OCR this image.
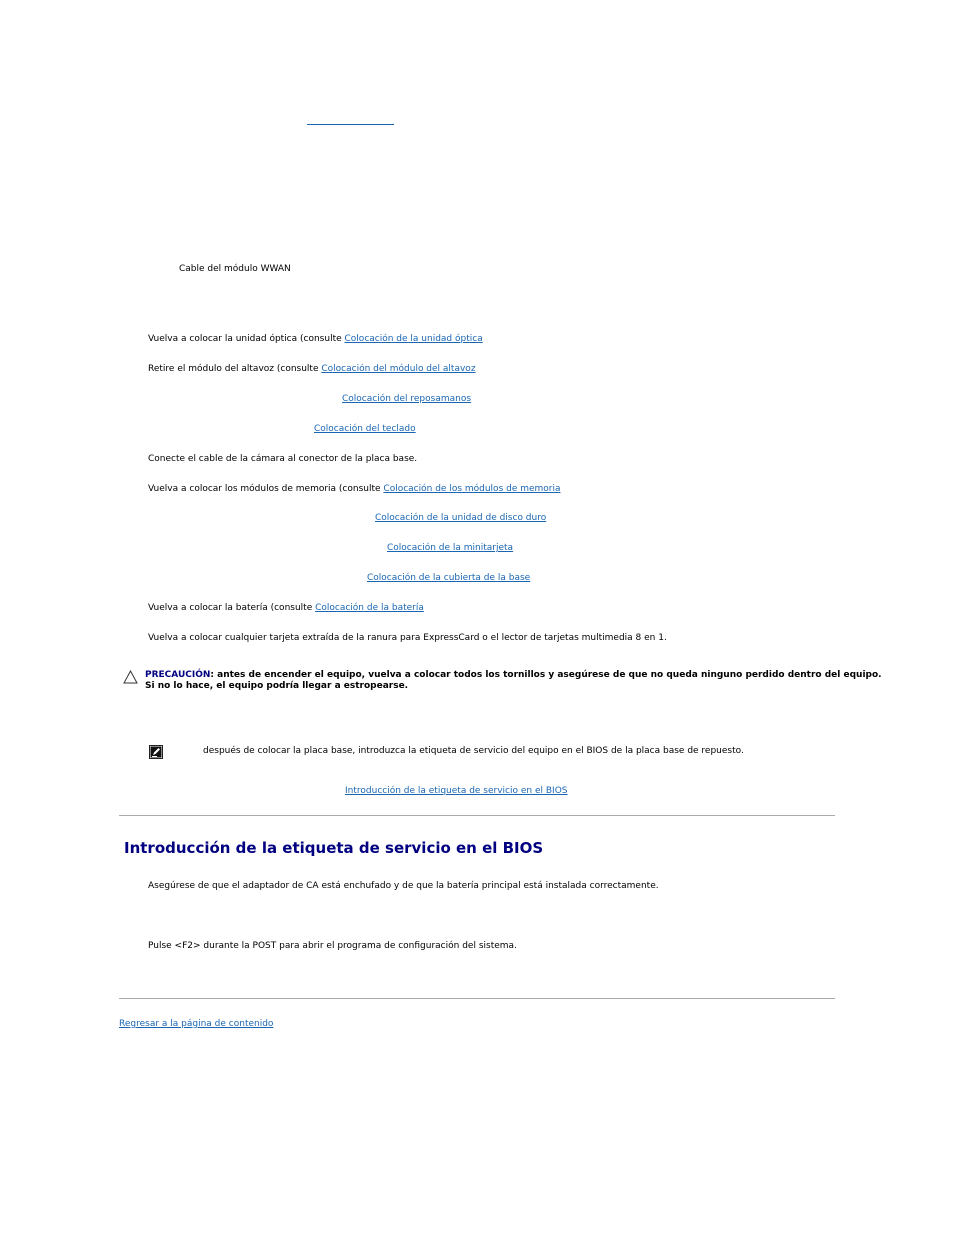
Cable del módulo WWAN
Vuelva a colocar la unidad óptica (consulte Colocación de la unidad óptica
Retire el módulo del altavoz (consulte Colocación del módulo del altavoz
Colocación del reposamanos
Colocación del teclado
Conecte el cable de la cámara al conector de la placa base.
Vuelva a colocar los módulos de memoria (consulte Colocación de los módulos de memoria
Colocación de la unidad de disco duro
Colocación de la minitarjeta
Colocación de la cubierta de la base
Vuelva a colocar la batería (consulte Colocación de la batería
Vuelva a colocar cualquier tarjeta extraída de la ranura para ExpressCard o el lector de tarjetas multimedia 8 en 1.
PRECAUCIÓN: antes de encender el equipo, vuelva a colocar todos los tornillos y asegúrese de que no queda ninguno perdido dentro del equipo.
Si no lo hace, el equipo podría llegar a estropearse.
después de colocar la placa base, introduzca la etiqueta de servicio del equipo en el BIOS de la placa base de repuesto.
Introducción de la etiqueta de servicio en el BIOS
Introducción de la etiqueta de servicio en el BIOS
Asegúrese de que el adaptador de CA está enchufado y de que la batería principal está instalada correctamente.
Pulse <F2> durante la POST para abrir el programa de configuración del sistema.
Regresar a la página de contenido
